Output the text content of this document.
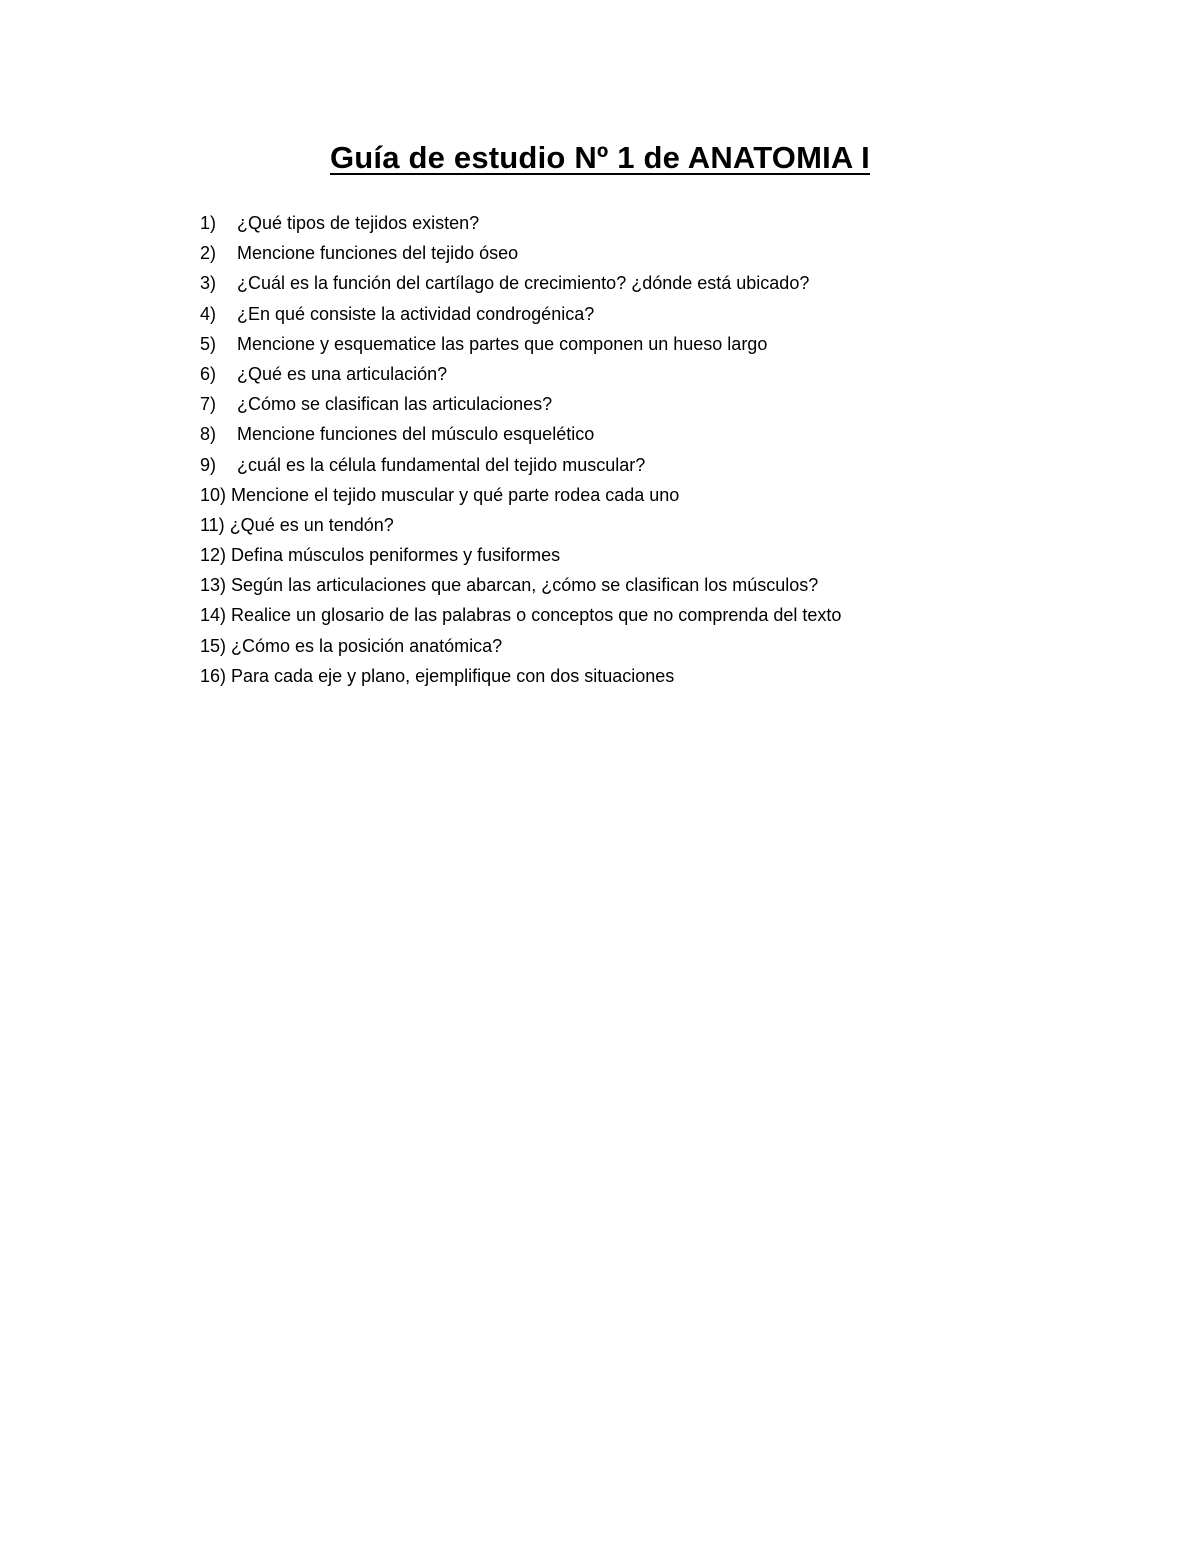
Guía de estudio Nº 1 de ANATOMIA I
1)	¿Qué tipos de tejidos existen?
2)	Mencione funciones del tejido óseo
3)	¿Cuál es la función del cartílago de crecimiento? ¿dónde está ubicado?
4)	¿En qué consiste la actividad condrogénica?
5)	Mencione y esquematice las partes que componen un hueso largo
6)	¿Qué es una articulación?
7)	¿Cómo se clasifican las articulaciones?
8)	Mencione funciones del músculo esquelético
9)	¿cuál es la célula fundamental del tejido muscular?
10) Mencione el tejido muscular y qué parte rodea cada uno
11) ¿Qué es un tendón?
12) Defina músculos peniformes y fusiformes
13) Según las articulaciones que abarcan, ¿cómo se clasifican los músculos?
14) Realice un glosario de las palabras o conceptos que no comprenda del texto
15) ¿Cómo es la posición anatómica?
16) Para cada eje y plano, ejemplifique con dos situaciones
